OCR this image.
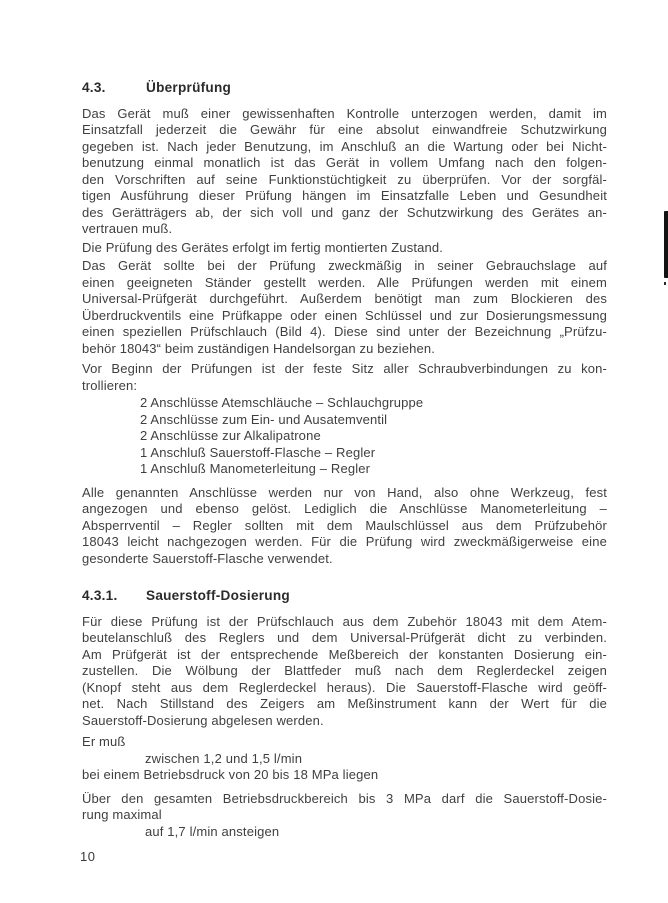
4.3.	Überprüfung
Das Gerät muß einer gewissenhaften Kontrolle unterzogen werden, damit im
Einsatzfall jederzeit die Gewähr für eine absolut einwandfreie Schutzwirkung
gegeben ist. Nach jeder Benutzung, im Anschluß an die Wartung oder bei Nicht-
benutzung einmal monatlich ist das Gerät in vollem Umfang nach den folgen-
den Vorschriften auf seine Funktionstüchtigkeit zu überprüfen. Vor der sorgfäl-
tigen Ausführung dieser Prüfung hängen im Einsatzfalle Leben und Gesundheit
des Gerätträgers ab, der sich voll und ganz der Schutzwirkung des Gerätes an-
vertrauen muß.
Die Prüfung des Gerätes erfolgt im fertig montierten Zustand.
Das Gerät sollte bei der Prüfung zweckmäßig in seiner Gebrauchslage auf
einen geeigneten Ständer gestellt werden. Alle Prüfungen werden mit einem
Universal-Prüfgerät durchgeführt. Außerdem benötigt man zum Blockieren des
Überdruckventils eine Prüfkappe oder einen Schlüssel und zur Dosierungsmessung
einen speziellen Prüfschlauch (Bild 4). Diese sind unter der Bezeichnung „Prüfzu-
behör 18043“ beim zuständigen Handelsorgan zu beziehen.
Vor Beginn der Prüfungen ist der feste Sitz aller Schraubverbindungen zu kon-
trollieren:
2 Anschlüsse Atemschläuche – Schlauchgruppe
2 Anschlüsse zum Ein- und Ausatemventil
2 Anschlüsse zur Alkalipatrone
1 Anschluß Sauerstoff-Flasche – Regler
1 Anschluß Manometerleitung – Regler
Alle genannten Anschlüsse werden nur von Hand, also ohne Werkzeug, fest
angezogen und ebenso gelöst. Lediglich die Anschlüsse Manometerleitung –
Absperrventil – Regler sollten mit dem Maulschlüssel aus dem Prüfzubehör
18043 leicht nachgezogen werden. Für die Prüfung wird zweckmäßigerweise eine
gesonderte Sauerstoff-Flasche verwendet.
4.3.1.	Sauerstoff-Dosierung
Für diese Prüfung ist der Prüfschlauch aus dem Zubehör 18043 mit dem Atem-
beutelanschluß des Reglers und dem Universal-Prüfgerät dicht zu verbinden.
Am Prüfgerät ist der entsprechende Meßbereich der konstanten Dosierung ein-
zustellen. Die Wölbung der Blattfeder muß nach dem Reglerdeckel zeigen
(Knopf steht aus dem Reglerdeckel heraus). Die Sauerstoff-Flasche wird geöff-
net. Nach Stillstand des Zeigers am Meßinstrument kann der Wert für die
Sauerstoff-Dosierung abgelesen werden.
Er muß
zwischen 1,2 und 1,5 l/min
bei einem Betriebsdruck von 20 bis 18 MPa liegen
Über den gesamten Betriebsdruckbereich bis 3 MPa darf die Sauerstoff-Dosie-
rung maximal
auf 1,7 l/min ansteigen
10
